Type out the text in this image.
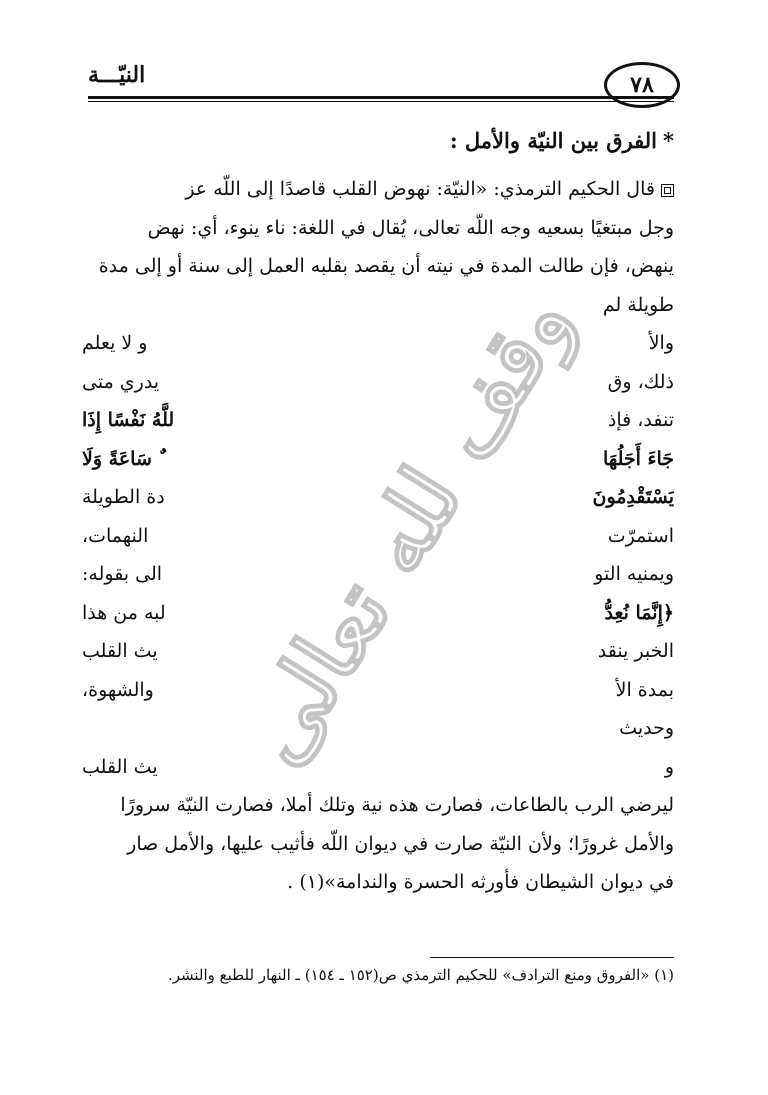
٧٨
النيّـــة
*الفرق بين النيّة والأمل :
قال الحكيم الترمذي: «النيّة: نهوض القلب قاصدًا إلى اللّه عز
وجل مبتغيًا بسعيه وجه اللّه تعالى، يُقال في اللغة: ناء ينوء، أي: نهض
ينهض، فإن طالت المدة في نيته أن يقصد بقلبه العمل إلى سنة أو إلى مدة
طويلة لم
والأ
و لا يعلم
ذلك، وق
يدري متى
تنفد، فإذ
للَّهُ نَفْسًا إِذَا
جَاءَ أَجَلُهَا
ٌ سَاعَةً وَلَا
يَسْتَقْدِمُونَ
دة الطويلة
استمرّت
النهمات،
ويمنيه التو
الى بقوله:
﴿إِنَّمَا نُعِدُّ
لبه من هذا
الخبر ينقد
يث القلب
بمدة الأ
والشهوة،
وحديث
و
يث القلب
ليرضي الرب بالطاعات، فصارت هذه نية وتلك أملا، فصارت النيّة سرورًا
والأمل غرورًا؛ ولأن النيّة صارت في ديوان اللّه فأثيب عليها، والأمل صار
في ديوان الشيطان فأورثه الحسرة والندامة»(١) .
(١) «الفروق ومنع الترادف» للحكيم الترمذي ص(١٥٢ ـ ١٥٤) ـ النهار للطبع والنشر.
وقف لله تعالى
